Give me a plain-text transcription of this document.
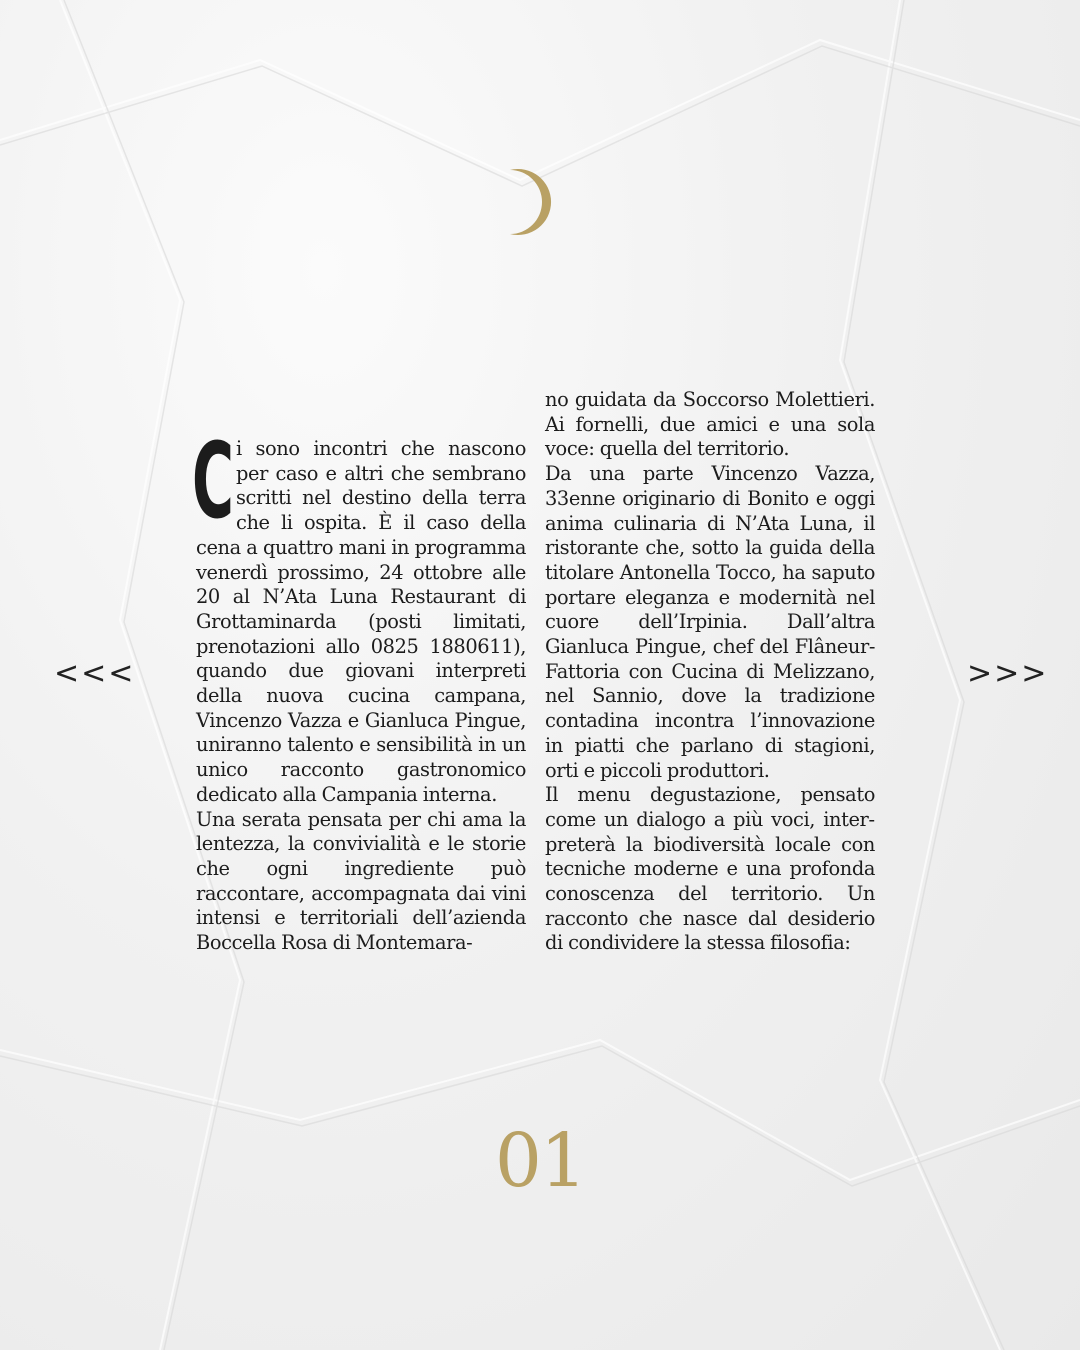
<<<	>>>

Ci sono incontri che nascono per caso e altri che sembrano scritti nel destino della terra che li ospita. È il caso della cena a quattro mani in programma venerdì prossimo, 24 ottobre alle 20 al N’Ata Luna Restaurant di Grottaminarda (posti limitati, prenotazioni allo 0825 1880611), quando due giovani interpreti della nuova cucina campana, Vincenzo Vazza e Gianluca Pingue, uniranno talento e sensibilità in un unico racconto gastronomico dedicato alla Campania interna.

Una serata pensata per chi ama la lentezza, la convivialità e le storie che ogni ingrediente può raccontare, accompagnata dai vini intensi e territoriali dell’azienda Boccella Rosa di Montemara-

no guidata da Soccorso Molettieri. Ai fornelli, due amici e una sola voce: quella del territorio.

Da una parte Vincenzo Vazza, 33enne originario di Bonito e oggi anima culinaria di N’Ata Luna, il ristorante che, sotto la guida della titolare Antonella Tocco, ha saputo portare eleganza e modernità nel cuore dell’Irpinia. Dall’altra Gianluca Pingue, chef del Flâneur-Fattoria con Cucina di Melizzano, nel Sannio, dove la tradizione contadina incontra l’innovazione in piatti che parlano di stagioni, orti e piccoli produttori.

Il menu degustazione, pensato come un dialogo a più voci, interpreterà la biodiversità locale con tecniche moderne e una profonda conoscenza del territorio. Un racconto che nasce dal desiderio di condividere la stessa filosofia:

01
